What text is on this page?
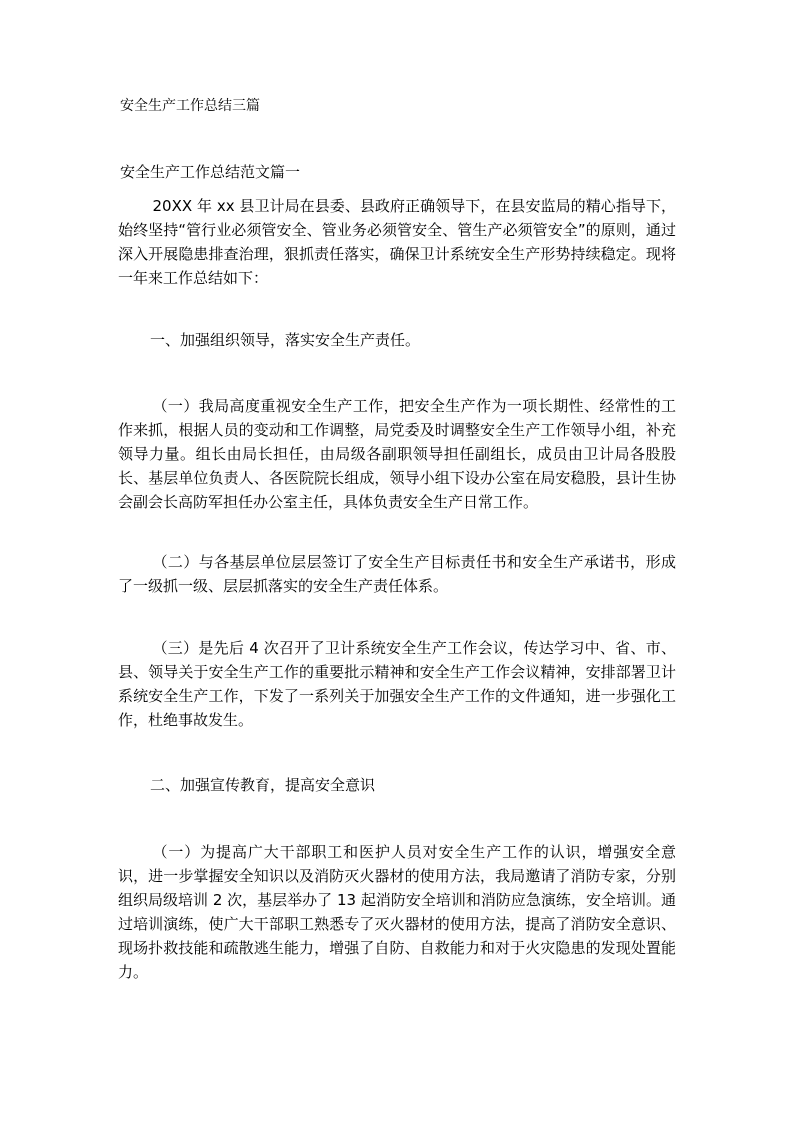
安全生产工作总结三篇
安全生产工作总结范文篇一

20XX 年 xx 县卫计局在县委、县政府正确领导下，在县安监局的精心指导下，始终坚持“管行业必须管安全、管业务必须管安全、管生产必须管安全”的原则，通过深入开展隐患排查治理，狠抓责任落实，确保卫计系统安全生产形势持续稳定。现将一年来工作总结如下：

一、加强组织领导，落实安全生产责任。

（一）我局高度重视安全生产工作，把安全生产作为一项长期性、经常性的工作来抓，根据人员的变动和工作调整，局党委及时调整安全生产工作领导小组，补充领导力量。组长由局长担任，由局级各副职领导担任副组长，成员由卫计局各股股长、基层单位负责人、各医院院长组成，领导小组下设办公室在局安稳股，县计生协会副会长高防军担任办公室主任，具体负责安全生产日常工作。

（二）与各基层单位层层签订了安全生产目标责任书和安全生产承诺书，形成了一级抓一级、层层抓落实的安全生产责任体系。

（三）是先后 4 次召开了卫计系统安全生产工作会议，传达学习中、省、市、县、领导关于安全生产工作的重要批示精神和安全生产工作会议精神，安排部署卫计系统安全生产工作，下发了一系列关于加强安全生产工作的文件通知，进一步强化工作，杜绝事故发生。

二、加强宣传教育，提高安全意识

（一）为提高广大干部职工和医护人员对安全生产工作的认识，增强安全意识，进一步掌握安全知识以及消防灭火器材的使用方法，我局邀请了消防专家，分别组织局级培训 2 次，基层举办了 13 起消防安全培训和消防应急演练，安全培训。通过培训演练，使广大干部职工熟悉专了灭火器材的使用方法，提高了消防安全意识、现场扑救技能和疏散逃生能力，增强了自防、自救能力和对于火灾隐患的发现处置能力。
